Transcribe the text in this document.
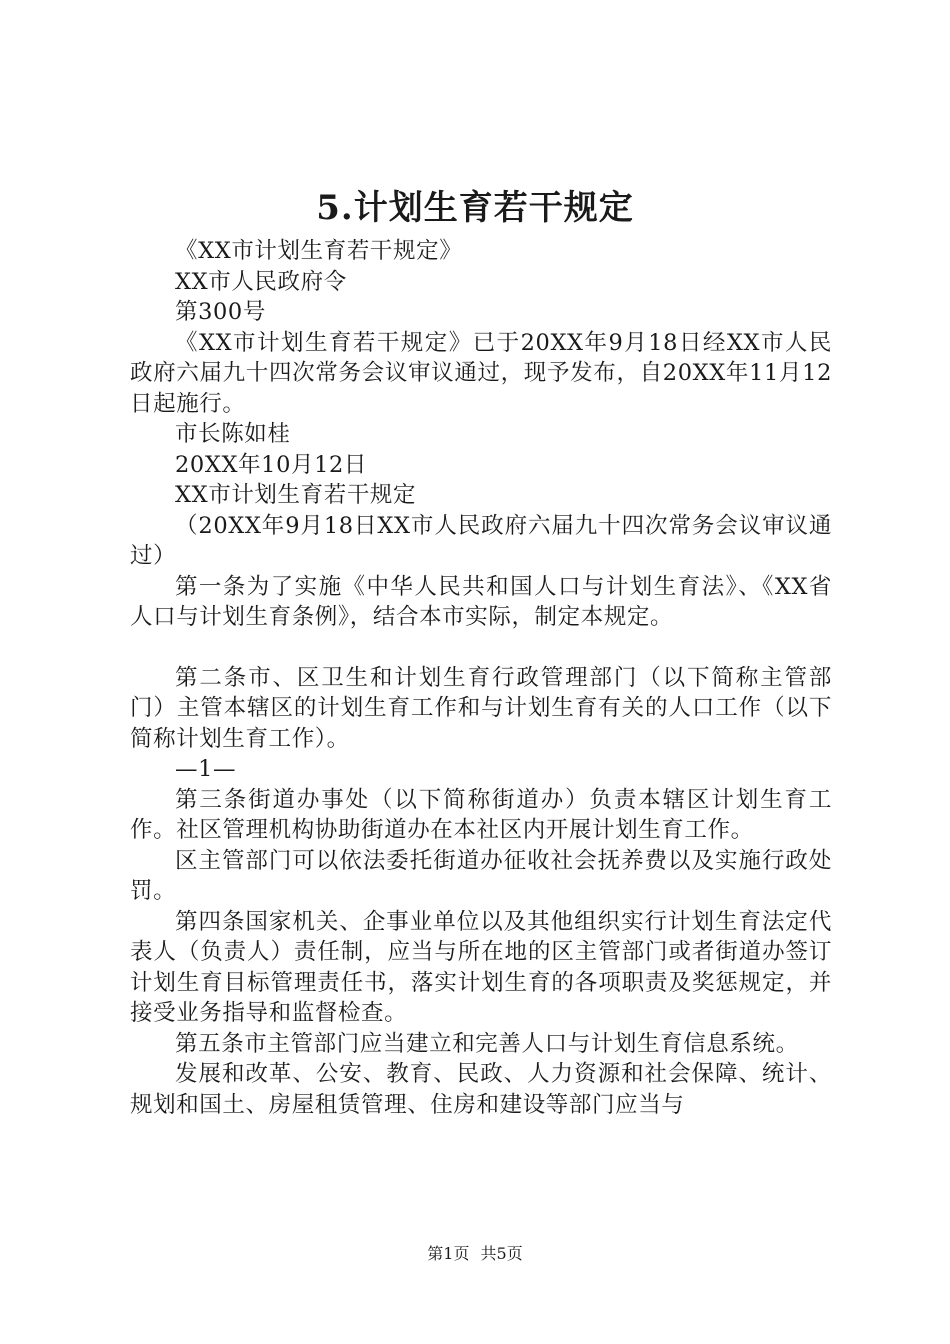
5.计划生育若干规定

《XX市计划生育若干规定》

XX市人民政府令

第300号

《XX市计划生育若干规定》已于20XX年9月18日经XX市人民政府六届九十四次常务会议审议通过，现予发布，自20XX年11月12日起施行。

市长陈如桂

20XX年10月12日

XX市计划生育若干规定

（20XX年9月18日XX市人民政府六届九十四次常务会议审议通过）

第一条为了实施《中华人民共和国人口与计划生育法》、《XX省人口与计划生育条例》，结合本市实际，制定本规定。

第二条市、区卫生和计划生育行政管理部门（以下简称主管部门）主管本辖区的计划生育工作和与计划生育有关的人口工作（以下简称计划生育工作）。

—1—

第三条街道办事处（以下简称街道办）负责本辖区计划生育工作。社区管理机构协助街道办在本社区内开展计划生育工作。

区主管部门可以依法委托街道办征收社会抚养费以及实施行政处罚。

第四条国家机关、企事业单位以及其他组织实行计划生育法定代表人（负责人）责任制，应当与所在地的区主管部门或者街道办签订计划生育目标管理责任书，落实计划生育的各项职责及奖惩规定，并接受业务指导和监督检查。

第五条市主管部门应当建立和完善人口与计划生育信息系统。

发展和改革、公安、教育、民政、人力资源和社会保障、统计、规划和国土、房屋租赁管理、住房和建设等部门应当与

第1页 共5页
